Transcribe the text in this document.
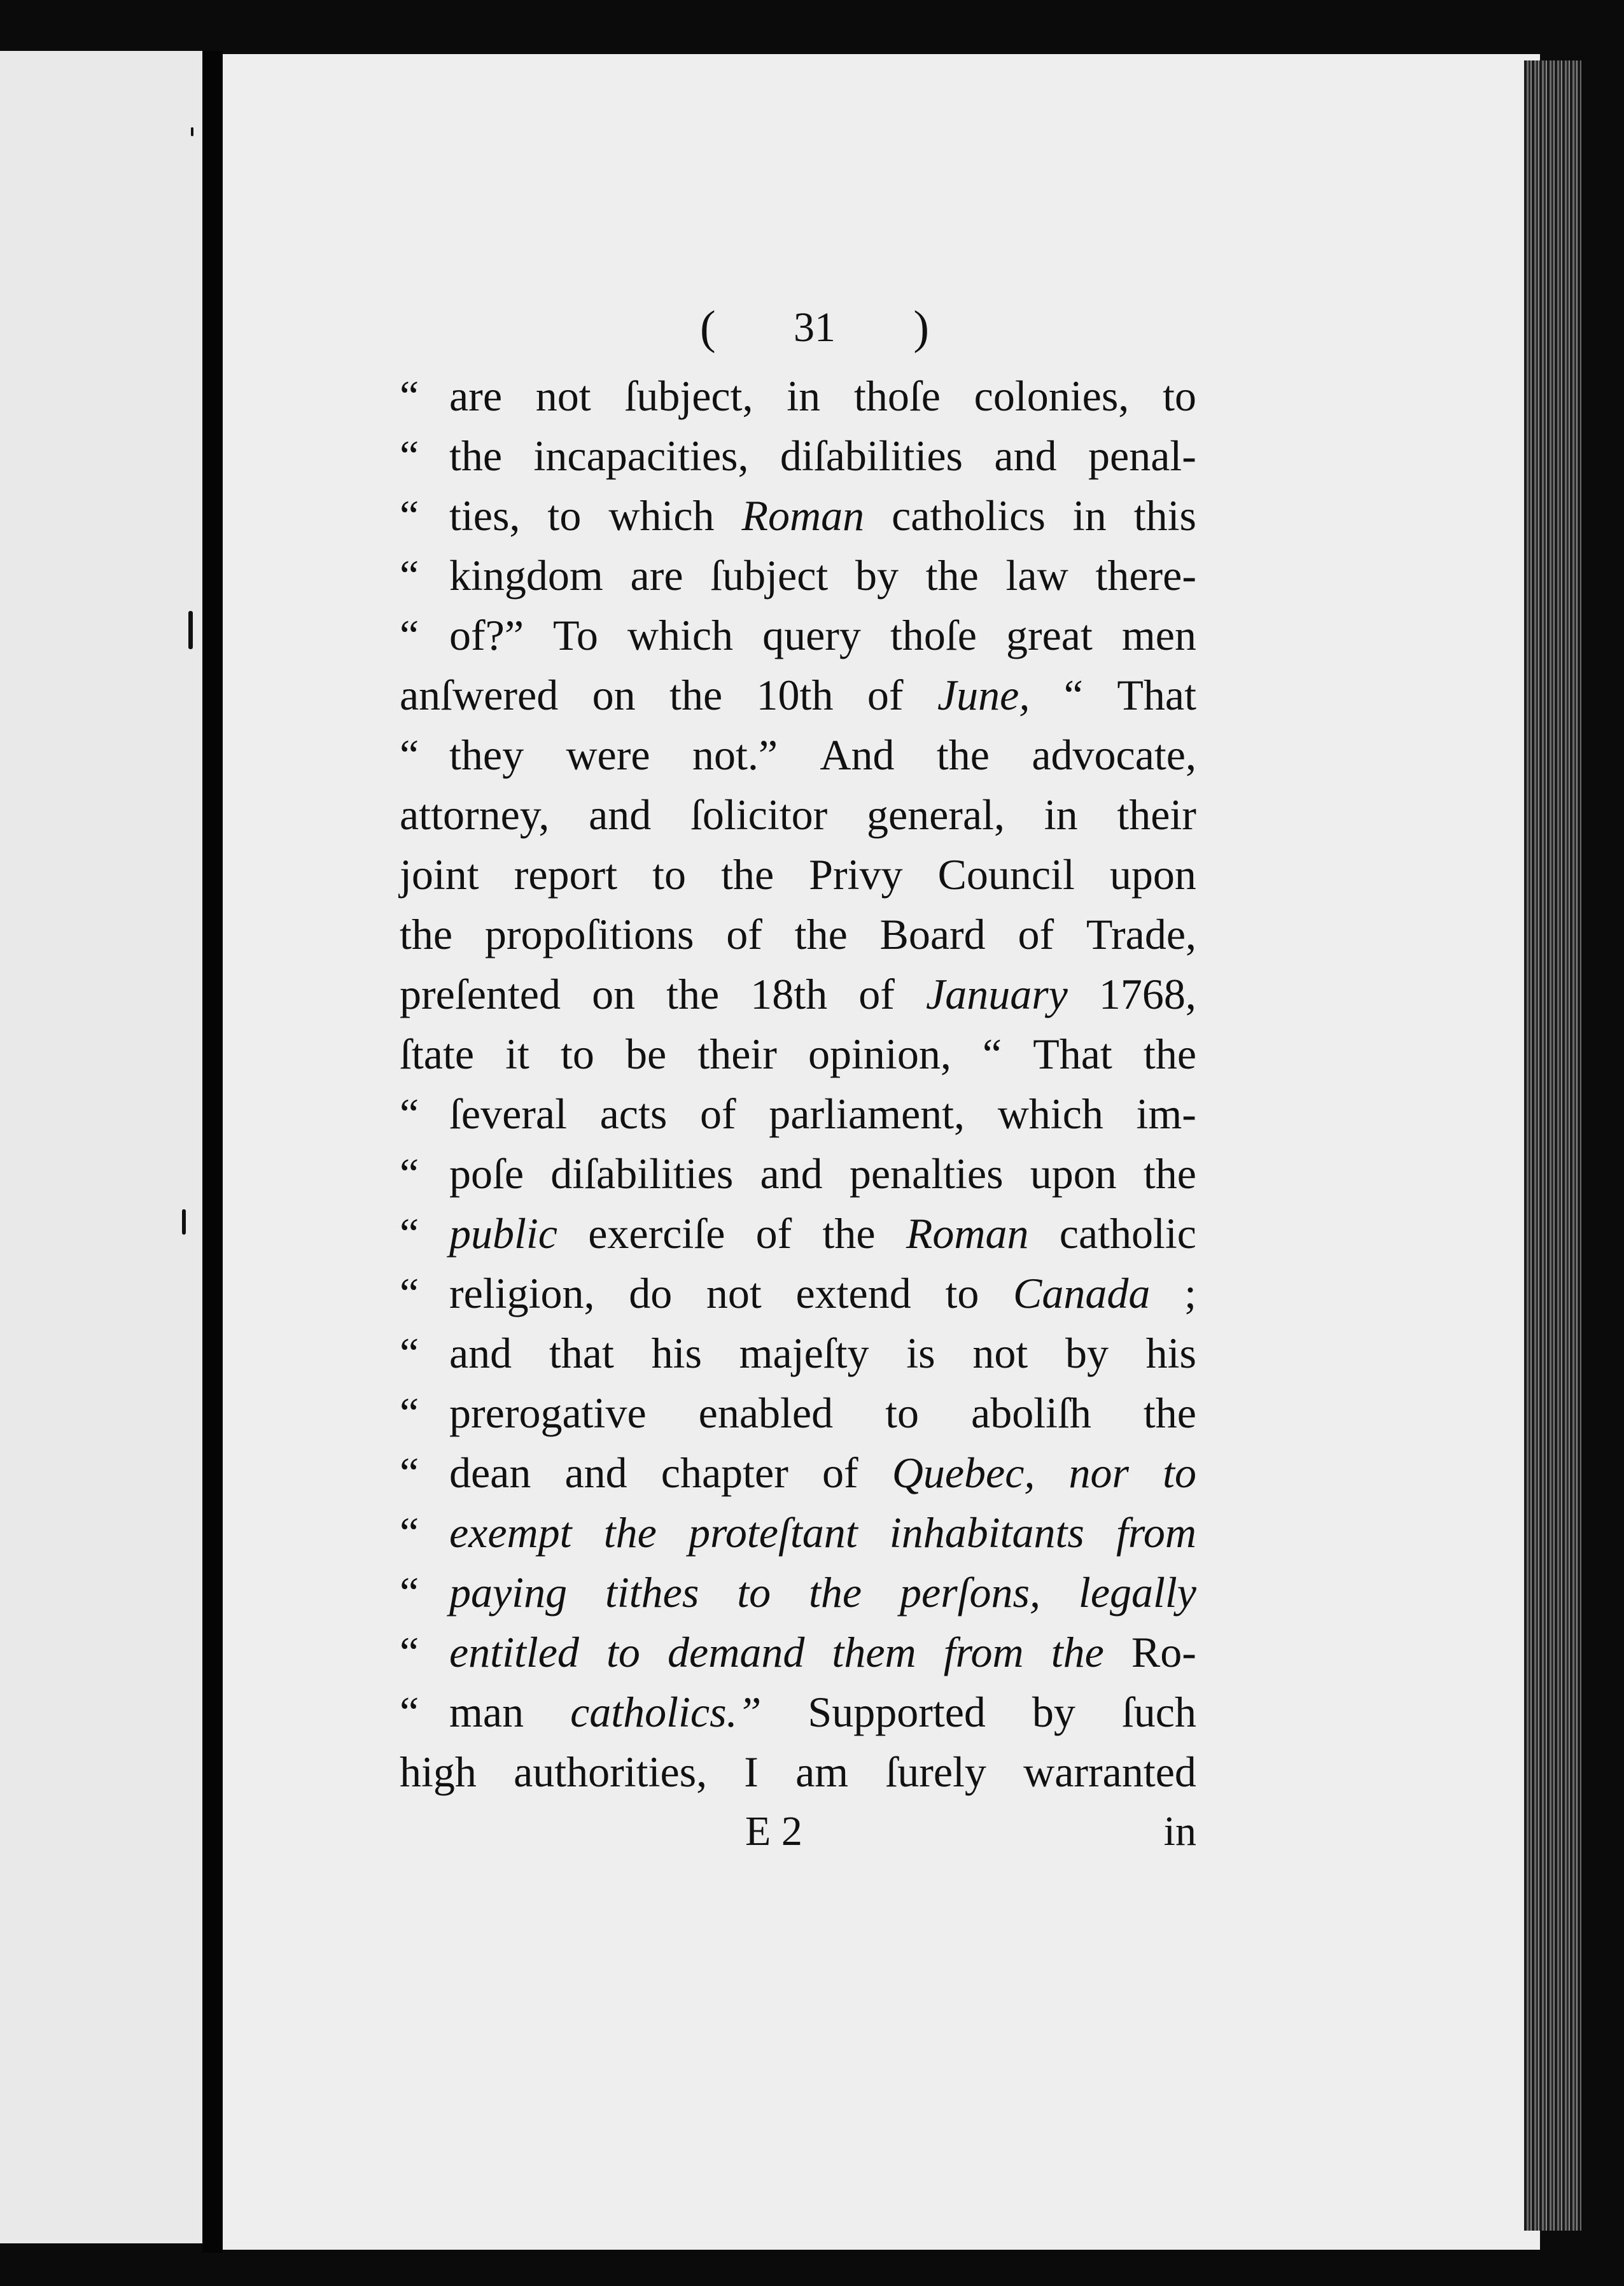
( 31 )
“ are not ſubject, in thoſe colonies, to
“ the incapacities, diſabilities and penal-
“ ties, to which Roman catholics in this
“ kingdom are ſubject by the law there-
“ of?” To which query thoſe great men
anſwered on the 10th of June, “ That
“ they were not.” And the advocate,
attorney, and ſolicitor general, in their
joint report to the Privy Council upon
the propoſitions of the Board of Trade,
preſented on the 18th of January 1768,
ſtate it to be their opinion, “ That the
“ ſeveral acts of parliament, which im-
“ poſe diſabilities and penalties upon the
“ public exerciſe of the Roman catholic
“ religion, do not extend to Canada ;
“ and that his majeſty is not by his
“ prerogative enabled to aboliſh the
“ dean and chapter of Quebec, nor to
“ exempt the proteſtant inhabitants from
“ paying tithes to the perſons, legally
“ entitled to demand them from the Ro-
“ man catholics.” Supported by ſuch
high authorities, I am ſurely warranted
E 2	in
